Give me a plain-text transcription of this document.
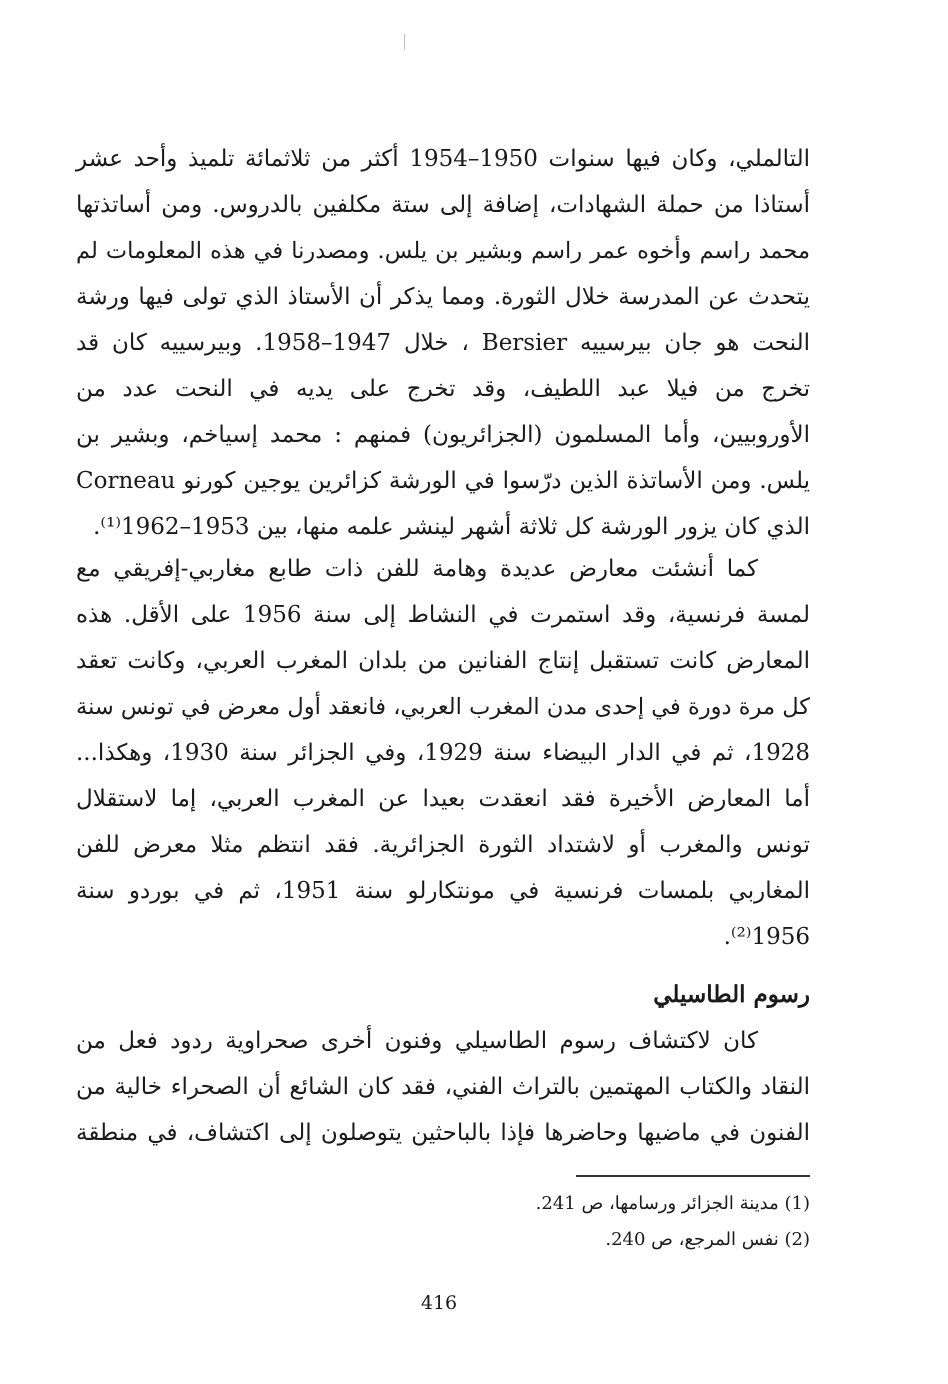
التالملي، وكان فيها سنوات 1950–1954 أكثر من ثلاثمائة تلميذ وأحد عشر
أستاذا من حملة الشهادات، إضافة إلى ستة مكلفين بالدروس. ومن أساتذتها
محمد راسم وأخوه عمر راسم وبشير بن يلس. ومصدرنا في هذه المعلومات لم
يتحدث عن المدرسة خلال الثورة. ومما يذكر أن الأستاذ الذي تولى فيها ورشة
النحت هو جان بيرسييه Bersier ، خلال 1947–1958. وبيرسييه كان قد
تخرج من فيلا عبد اللطيف، وقد تخرج على يديه في النحت عدد من
الأوروبيين، وأما المسلمون (الجزائريون) فمنهم : محمد إسياخم، وبشير بن
يلس. ومن الأساتذة الذين درّسوا في الورشة كزائرين يوجين كورنو Corneau
الذي كان يزور الورشة كل ثلاثة أشهر لينشر علمه منها، بين 1953–1962⁽¹⁾.
كما أنشئت معارض عديدة وهامة للفن ذات طابع مغاربي-إفريقي مع
لمسة فرنسية، وقد استمرت في النشاط إلى سنة 1956 على الأقل. هذه
المعارض كانت تستقبل إنتاج الفنانين من بلدان المغرب العربي، وكانت تعقد
كل مرة دورة في إحدى مدن المغرب العربي، فانعقد أول معرض في تونس سنة
1928، ثم في الدار البيضاء سنة 1929، وفي الجزائر سنة 1930، وهكذا...
أما المعارض الأخيرة فقد انعقدت بعيدا عن المغرب العربي، إما لاستقلال
تونس والمغرب أو لاشتداد الثورة الجزائرية. فقد انتظم مثلا معرض للفن
المغاربي بلمسات فرنسية في مونتكارلو سنة 1951، ثم في بوردو سنة
1956⁽²⁾.
رسوم الطاسيلي
كان لاكتشاف رسوم الطاسيلي وفنون أخرى صحراوية ردود فعل من
النقاد والكتاب المهتمين بالتراث الفني، فقد كان الشائع أن الصحراء خالية من
الفنون في ماضيها وحاضرها فإذا بالباحثين يتوصلون إلى اكتشاف، في منطقة
(1) مدينة الجزائر ورسامها، ص 241.
(2) نفس المرجع، ص 240.
416
